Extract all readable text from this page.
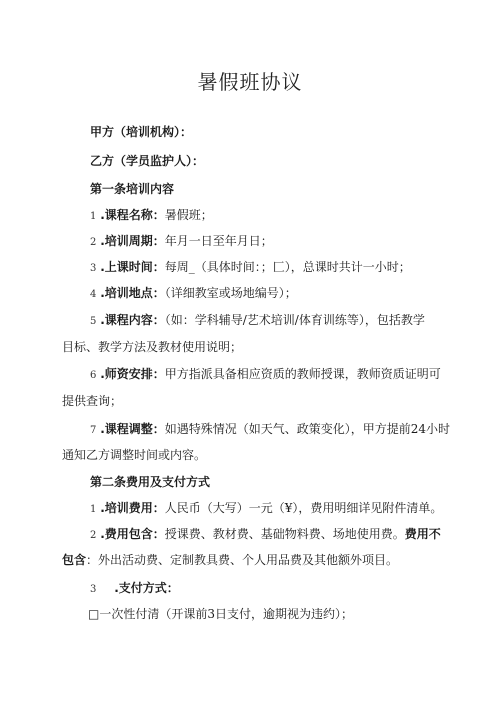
暑假班协议
甲方（培训机构）：
乙方（学员监护人）：
第一条培训内容
1 .课程名称：暑假班；
2 .培训周期：年月一日至年月日；
3 .上课时间：每周_（具体时间：；匚），总课时共计一小时；
4 .培训地点：（详细教室或场地编号）；
5 .课程内容：（如：学科辅导/艺术培训/体育训练等），包括教学
目标、教学方法及教材使用说明；
6 .师资安排：甲方指派具备相应资质的教师授课，教师资质证明可
提供查询；
7 .课程调整：如遇特殊情况（如天气、政策变化），甲方提前24小时
通知乙方调整时间或内容。
第二条费用及支付方式
1 .培训费用：人民币（大写）一元（¥），费用明细详见附件清单。
2 .费用包含：授课费、教材费、基础物料费、场地使用费。费用不
包含：外出活动费、定制教具费、个人用品费及其他额外项目。
3 .支付方式：
□一次性付清（开课前3日支付，逾期视为违约）；
